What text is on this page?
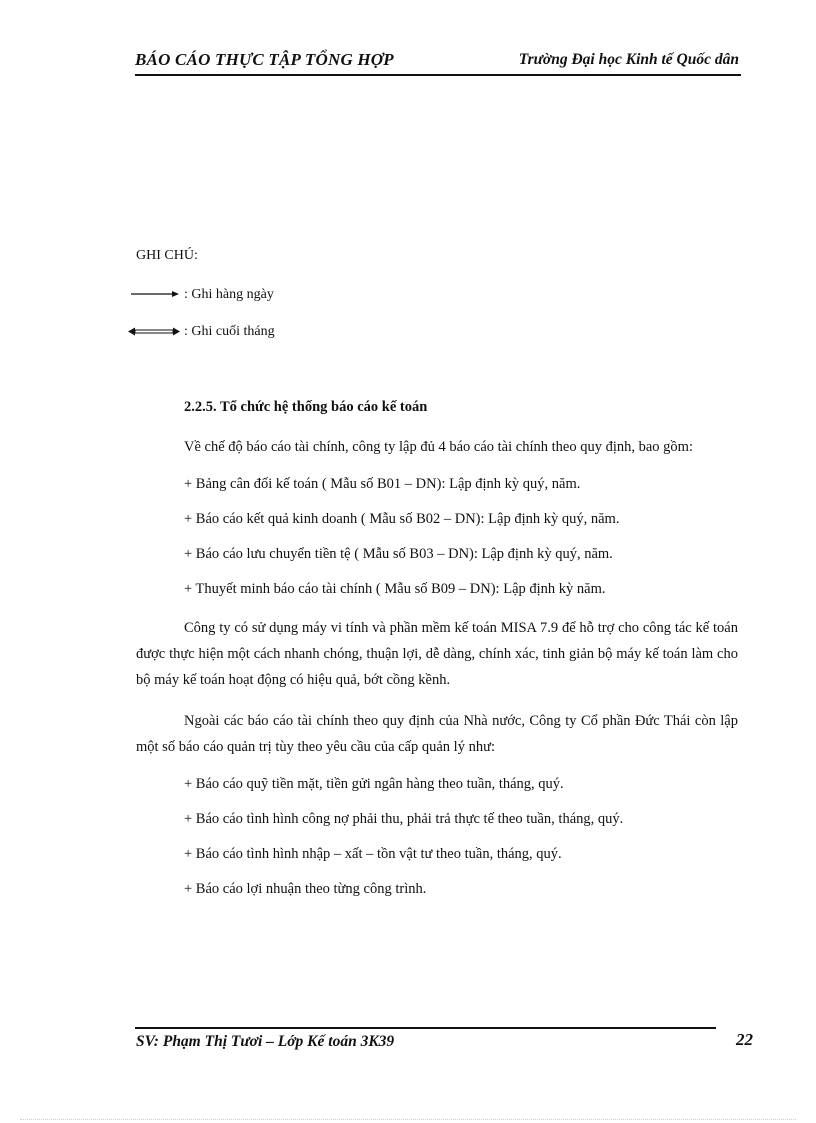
BÁO CÁO THỰC TẬP TỔNG HỢP	Trường Đại học Kinh tế Quốc dân
GHI CHÚ:
: Ghi hàng ngày
: Ghi cuối tháng
2.2.5. Tổ chức hệ thống báo cáo kế toán

Về chế độ báo cáo tài chính, công ty lập đủ 4 báo cáo tài chính theo quy định, bao gồm:

+ Bảng cân đối kế toán ( Mẫu số B01 – DN): Lập định kỳ quý, năm.
+ Báo cáo kết quả kinh doanh ( Mẫu số B02 – DN): Lập định kỳ quý, năm.
+ Báo cáo lưu chuyển tiền tệ ( Mẫu số B03 – DN): Lập định kỳ quý, năm.
+ Thuyết minh báo cáo tài chính ( Mẫu số B09 – DN): Lập định kỳ năm.

Công ty có sử dụng máy vi tính và phần mềm kế toán MISA 7.9 để hỗ trợ cho công tác kế toán được thực hiện một cách nhanh chóng, thuận lợi, dễ dàng, chính xác, tinh giản bộ máy kế toán làm cho bộ máy kế toán hoạt động có hiệu quả, bớt cồng kềnh.

Ngoài các báo cáo tài chính theo quy định của Nhà nước, Công ty Cổ phần Đức Thái còn lập một số báo cáo quản trị tùy theo yêu cầu của cấp quản lý như:

+ Báo cáo quỹ tiền mặt, tiền gửi ngân hàng theo tuần, tháng, quý.
+ Báo cáo tình hình công nợ phải thu, phải trả thực tế theo tuần, tháng, quý.
+ Báo cáo tình hình nhập – xất – tồn vật tư theo tuần, tháng, quý.
+ Báo cáo lợi nhuận theo từng công trình.
SV: Phạm Thị Tươi – Lớp Kế toán 3K39	22
